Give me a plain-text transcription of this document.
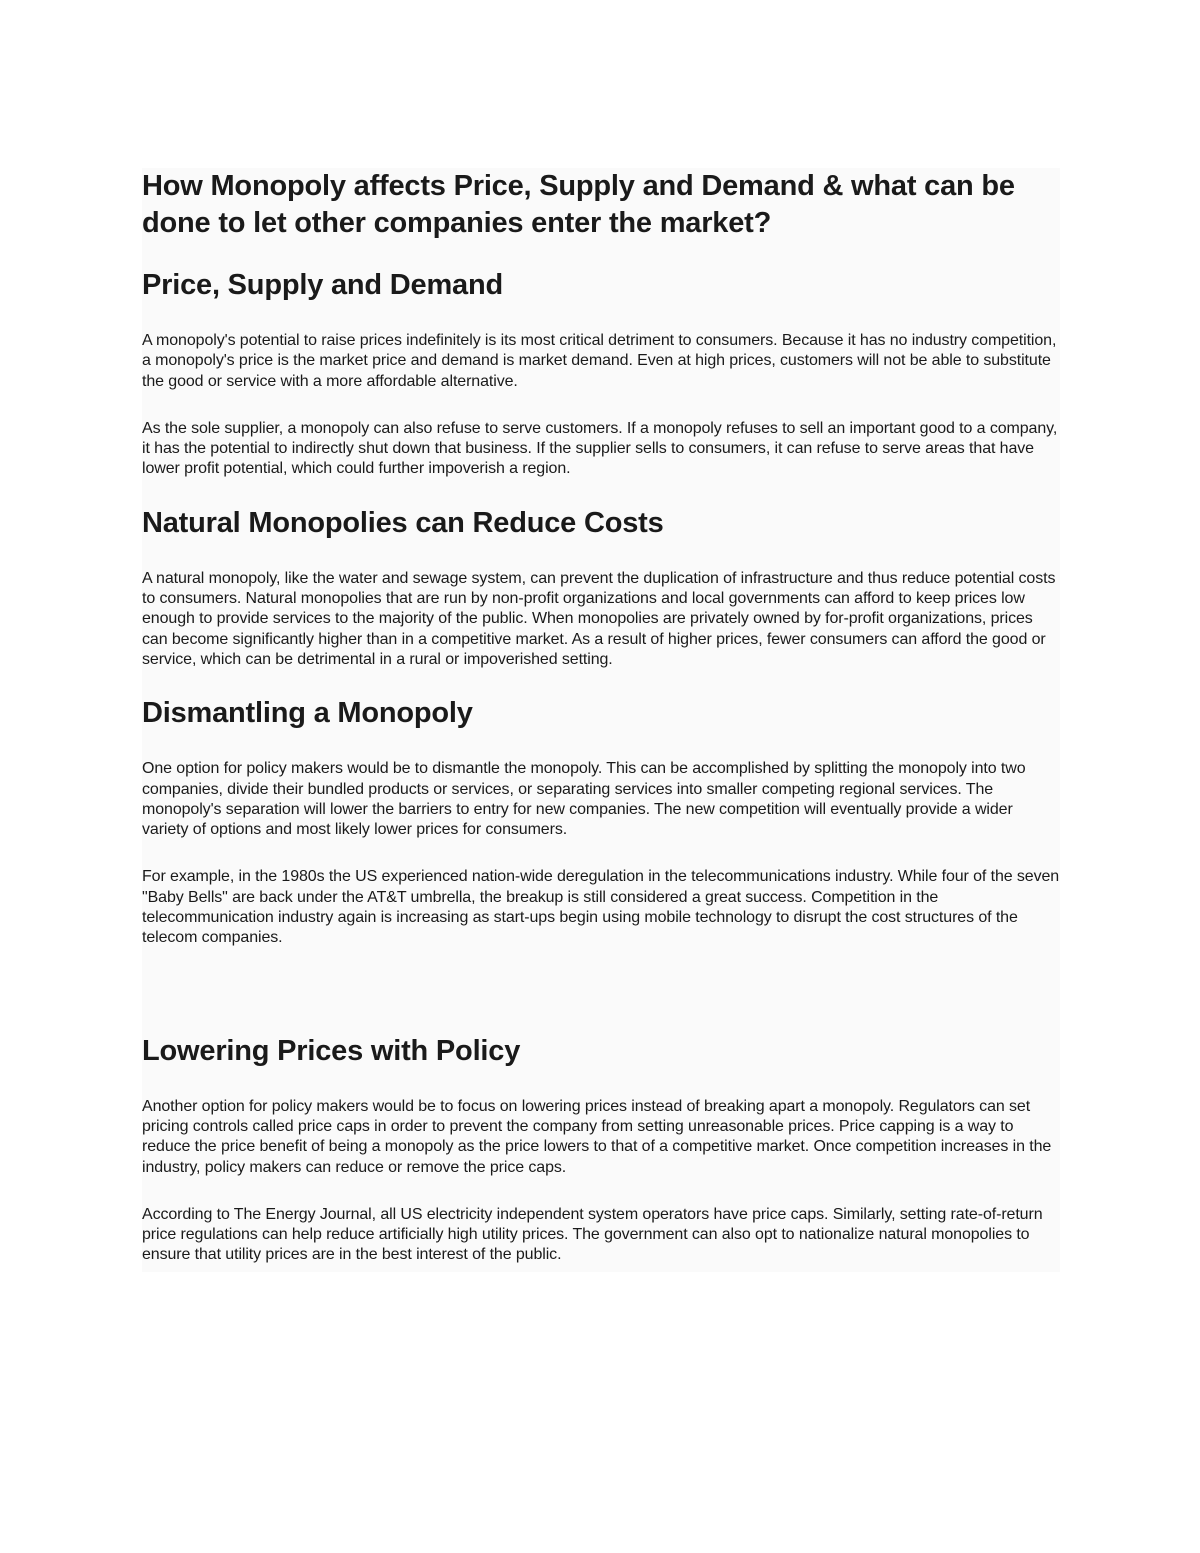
How Monopoly affects Price, Supply and Demand & what can be done to let other companies enter the market?
Price, Supply and Demand

A monopoly's potential to raise prices indefinitely is its most critical detriment to consumers. Because it has no industry competition, a monopoly's price is the market price and demand is market demand. Even at high prices, customers will not be able to substitute the good or service with a more affordable alternative.

As the sole supplier, a monopoly can also refuse to serve customers. If a monopoly refuses to sell an important good to a company, it has the potential to indirectly shut down that business. If the supplier sells to consumers, it can refuse to serve areas that have lower profit potential, which could further impoverish a region.

Natural Monopolies can Reduce Costs

A natural monopoly, like the water and sewage system, can prevent the duplication of infrastructure and thus reduce potential costs to consumers. Natural monopolies that are run by non-profit organizations and local governments can afford to keep prices low enough to provide services to the majority of the public. When monopolies are privately owned by for-profit organizations, prices can become significantly higher than in a competitive market. As a result of higher prices, fewer consumers can afford the good or service, which can be detrimental in a rural or impoverished setting.

Dismantling a Monopoly

One option for policy makers would be to dismantle the monopoly. This can be accomplished by splitting the monopoly into two companies, divide their bundled products or services, or separating services into smaller competing regional services. The monopoly's separation will lower the barriers to entry for new companies. The new competition will eventually provide a wider variety of options and most likely lower prices for consumers.

For example, in the 1980s the US experienced nation-wide deregulation in the telecommunications industry. While four of the seven "Baby Bells" are back under the AT&T umbrella, the breakup is still considered a great success. Competition in the telecommunication industry again is increasing as start-ups begin using mobile technology to disrupt the cost structures of the telecom companies.

Lowering Prices with Policy

Another option for policy makers would be to focus on lowering prices instead of breaking apart a monopoly. Regulators can set pricing controls called price caps in order to prevent the company from setting unreasonable prices. Price capping is a way to reduce the price benefit of being a monopoly as the price lowers to that of a competitive market. Once competition increases in the industry, policy makers can reduce or remove the price caps.

According to The Energy Journal, all US electricity independent system operators have price caps. Similarly, setting rate-of-return price regulations can help reduce artificially high utility prices. The government can also opt to nationalize natural monopolies to ensure that utility prices are in the best interest of the public.
